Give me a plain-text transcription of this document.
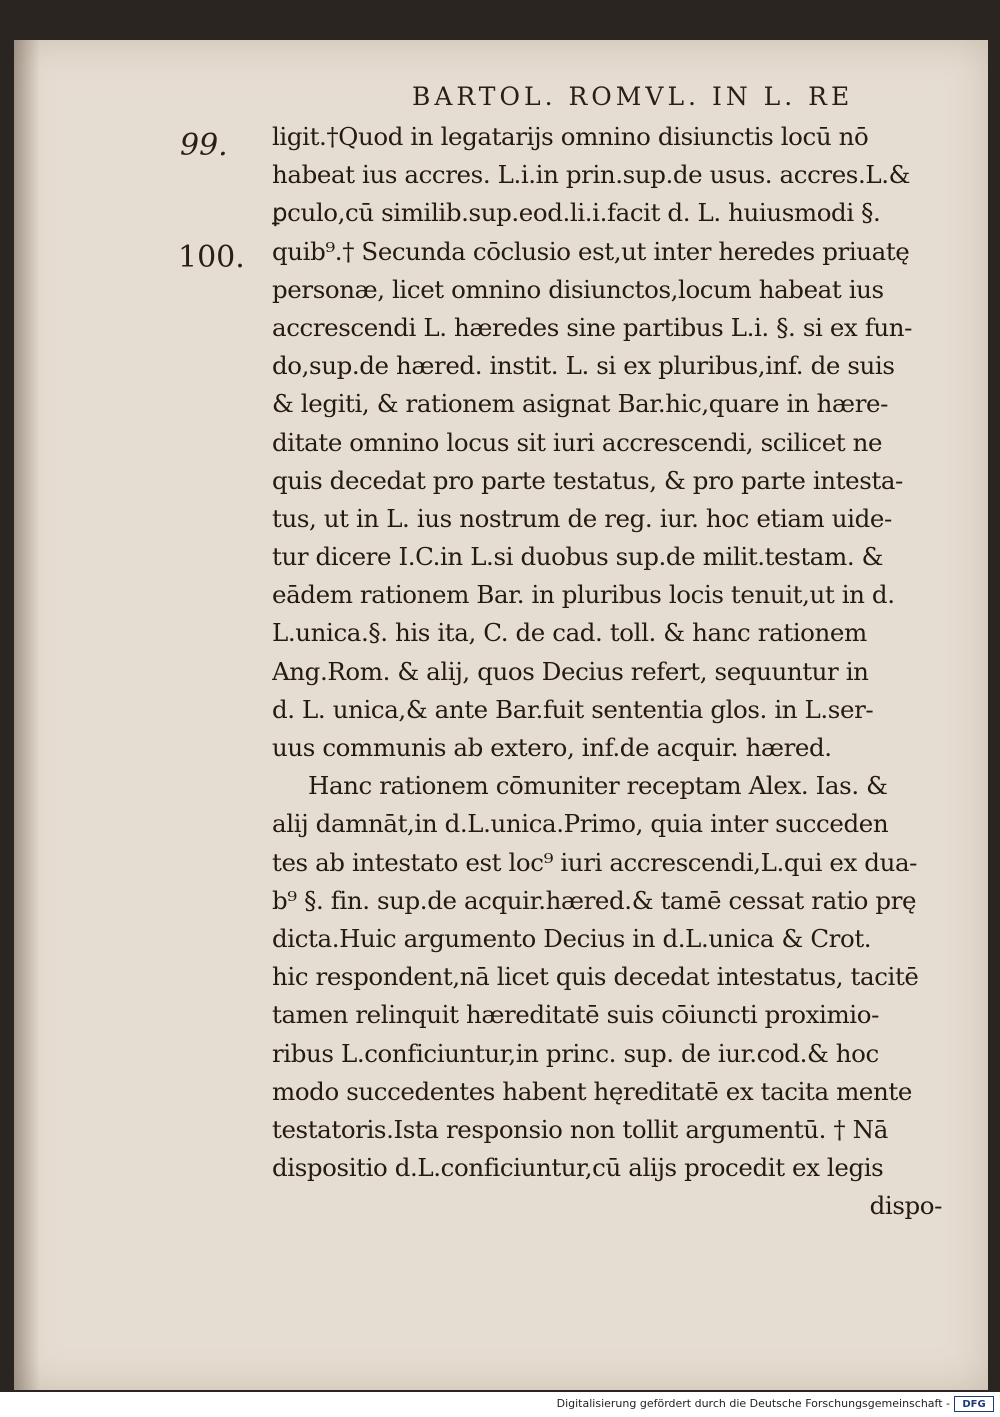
BARTOL. ROMVL. IN L. RE
99.
100.
ligit.†Quod in legatarijs omnino disiunctis locū nō
habeat ius accres. L.i.in prin.sup.de usus. accres.L.&
ꝑculo,cū similib.sup.eod.li.i.facit d. L. huiusmodi §.
quib⁹.† Secunda cōclusio est,ut inter heredes priuatę
personæ, licet omnino disiunctos,locum habeat ius
accrescendi L. hæredes sine partibus L.i. §. si ex fun-
do,sup.de hæred. instit. L. si ex pluribus,inf. de suis
& legiti, & rationem asignat Bar.hic,quare in hære-
ditate omnino locus sit iuri accrescendi, scilicet ne
quis decedat pro parte testatus, & pro parte intesta-
tus, ut in L. ius nostrum de reg. iur. hoc etiam uide-
tur dicere I.C.in L.si duobus sup.de milit.testam. &
eādem rationem Bar. in pluribus locis tenuit,ut in d.
L.unica.§. his ita, C. de cad. toll. & hanc rationem
Ang.Rom. & alij, quos Decius refert, sequuntur in
d. L. unica,& ante Bar.fuit sententia glos. in L.ser-
uus communis ab extero, inf.de acquir. hæred.
Hanc rationem cōmuniter receptam Alex. Ias. &
alij damnāt,in d.L.unica.Primo, quia inter succeden
tes ab intestato est loc⁹ iuri accrescendi,L.qui ex dua-
b⁹ §. fin. sup.de acquir.hæred.& tamē cessat ratio prę
dicta.Huic argumento Decius in d.L.unica & Crot.
hic respondent,nā licet quis decedat intestatus, tacitē
tamen relinquit hæreditatē suis cōiuncti proximio-
ribus L.conficiuntur,in princ. sup. de iur.cod.& hoc
modo succedentes habent hęreditatē ex tacita mente
testatoris.Ista responsio non tollit argumentū. † Nā
dispositio d.L.conficiuntur,cū alijs procedit ex legis
dispo-
Digitalisierung gefördert durch die Deutsche Forschungsgemeinschaft -	DFG
